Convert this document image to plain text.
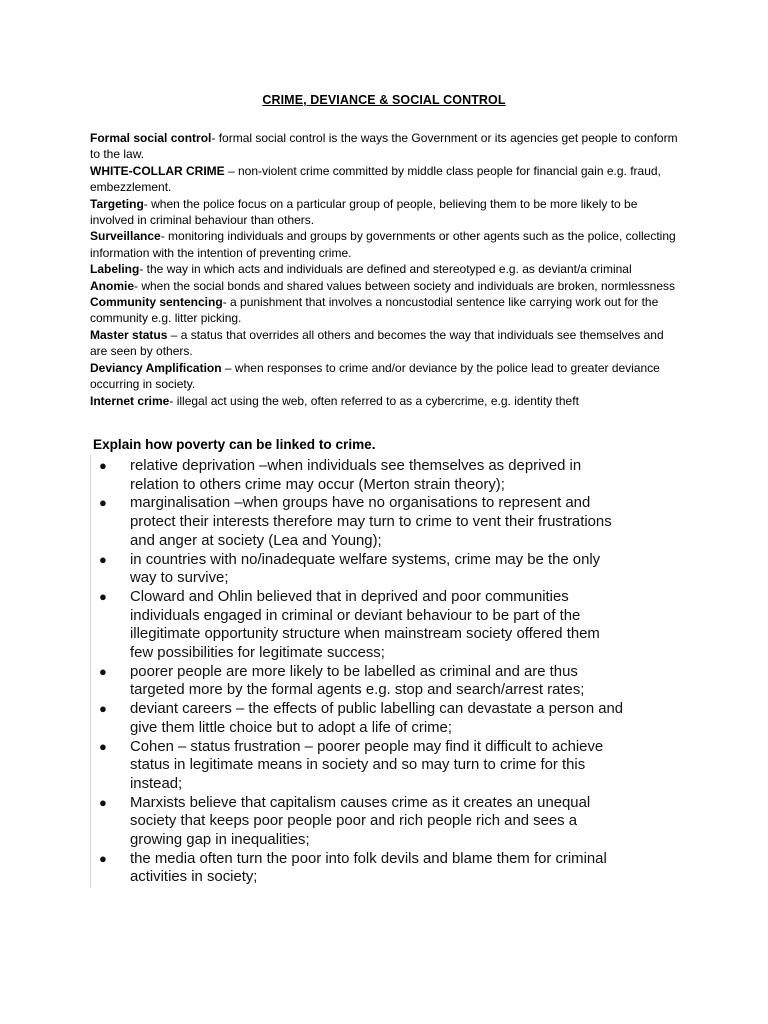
CRIME, DEVIANCE & SOCIAL CONTROL

Formal social control- formal social control is the ways the Government or its agencies get people to conform to the law.

WHITE-COLLAR CRIME – non-violent crime committed by middle class people for financial gain e.g. fraud, embezzlement.

Targeting- when the police focus on a particular group of people, believing them to be more likely to be involved in criminal behaviour than others.

Surveillance- monitoring individuals and groups by governments or other agents such as the police, collecting information with the intention of preventing crime.

Labeling- the way in which acts and individuals are defined and stereotyped e.g. as deviant/a criminal

Anomie- when the social bonds and shared values between society and individuals are broken, normlessness

Community sentencing- a punishment that involves a noncustodial sentence like carrying work out for the community e.g. litter picking.

Master status – a status that overrides all others and becomes the way that individuals see themselves and are seen by others.

Deviancy Amplification – when responses to crime and/or deviance by the police lead to greater deviance occurring in society.

Internet crime- illegal act using the web, often referred to as a cybercrime, e.g. identity theft

Explain how poverty can be linked to crime.
● relative deprivation –when individuals see themselves as deprived in relation to others crime may occur (Merton strain theory);
● marginalisation –when groups have no organisations to represent and protect their interests therefore may turn to crime to vent their frustrations and anger at society (Lea and Young);
● in countries with no/inadequate welfare systems, crime may be the only way to survive;
● Cloward and Ohlin believed that in deprived and poor communities individuals engaged in criminal or deviant behaviour to be part of the illegitimate opportunity structure when mainstream society offered them few possibilities for legitimate success;
● poorer people are more likely to be labelled as criminal and are thus targeted more by the formal agents e.g. stop and search/arrest rates;
● deviant careers – the effects of public labelling can devastate a person and give them little choice but to adopt a life of crime;
● Cohen – status frustration – poorer people may find it difficult to achieve status in legitimate means in society and so may turn to crime for this instead;
● Marxists believe that capitalism causes crime as it creates an unequal society that keeps poor people poor and rich people rich and sees a growing gap in inequalities;
● the media often turn the poor into folk devils and blame them for criminal activities in society;
